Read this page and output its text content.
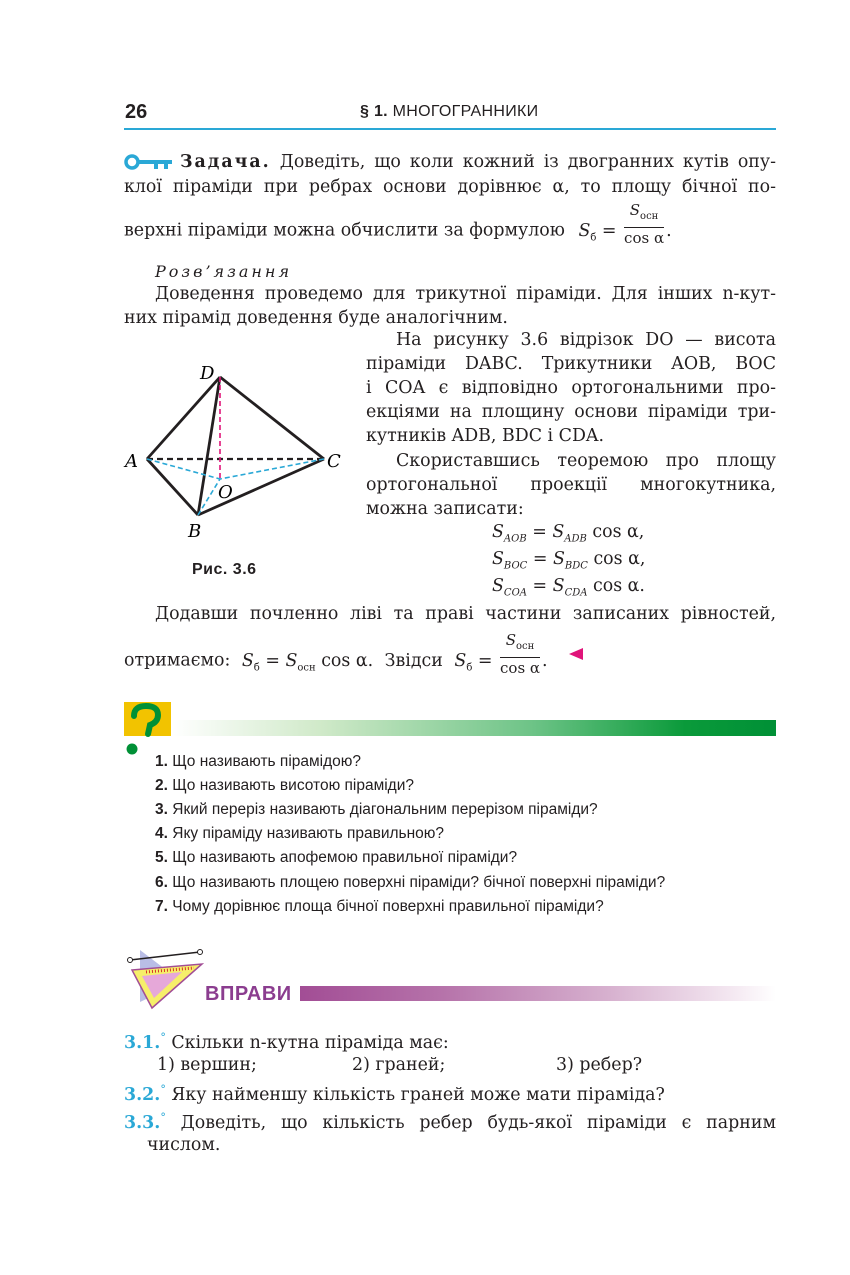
26	§ 1. МНОГОГРАННИКИ
Задача. Доведіть, що коли кожний із двогранних кутів опу-
клої піраміди при ребрах основи дорівнює α, то площу бічної по-
верхні піраміди можна обчислити за формулою $S_б = \frac{S_{осн}}{\text{cos α}}$ .
Розв’язання
Доведення проведемо для трикутної піраміди. Для інших n-кут-
них пірамід доведення буде аналогічним.
D
A	C
O
B
Рис. 3.6
На рисунку 3.6 відрізок DO — висота
піраміди DABC. Трикутники AOB, BOC
і COA є відповідно ортогональними про-
екціями на площину основи піраміди три-
кутників ADB, BDC і CDA.
Скориставшись теоремою про площу
ортогональної проекції многокутника,
можна записати:
$S_{AOB} = S_{ADB}$ cos α,
$S_{BOC} = S_{BDC}$ cos α,
$S_{COA} = S_{CDA}$ cos α.
Додавши почленно ліві та праві частини записаних рівностей,
отримаємо: $S_б = S_{осн}$ cos α. Звідси $S_б = \frac{S_{осн}}{\text{cos α}}$ .
1. Що називають пірамідою?
2. Що називають висотою піраміди?
3. Який переріз називають діагональним перерізом піраміди?
4. Яку піраміду називають правильною?
5. Що називають апофемою правильної піраміди?
6. Що називають площею поверхні піраміди? бічної поверхні піраміди?
7. Чому дорівнює площа бічної поверхні правильної піраміди?
ВПРАВИ
3.1.° Скільки n-кутна піраміда має:
1) вершин;	2) граней;	3) ребер?
3.2.° Яку найменшу кількість граней може мати піраміда?
3.3.° Доведіть, що кількість ребер будь-якої піраміди є парним
числом.
